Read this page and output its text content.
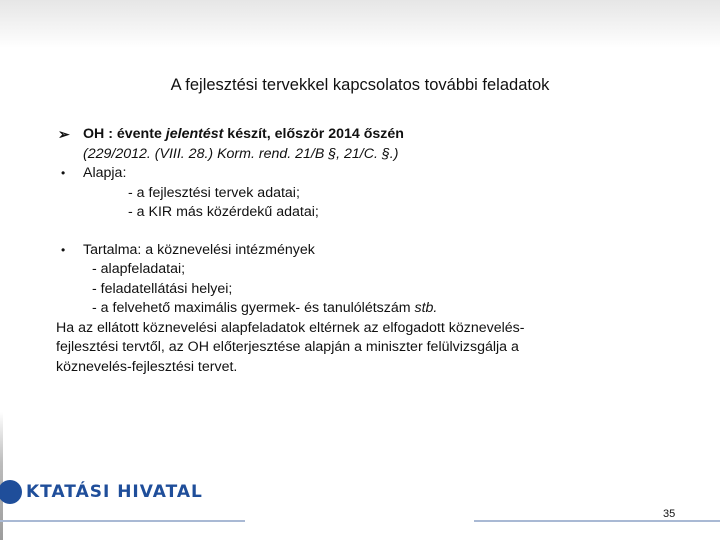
A fejlesztési tervekkel kapcsolatos további feladatok
➢ OH : évente jelentést készít, először 2014 őszén
(229/2012. (VIII. 28.) Korm. rend. 21/B §, 21/C. §.)
• Alapja:
- a fejlesztési tervek adatai;
- a KIR más közérdekű adatai;
• Tartalma: a köznevelési intézmények
- alapfeladatai;
- feladatellátási helyei;
- a felvehető maximális gyermek- és tanulólétszám stb.
Ha az ellátott köznevelési alapfeladatok eltérnek az elfogadott köznevelés-
fejlesztési tervtől, az OH előterjesztése alapján a miniszter felülvizsgálja a
köznevelés-fejlesztési tervet.
KTATÁSI HIVATAL
35
